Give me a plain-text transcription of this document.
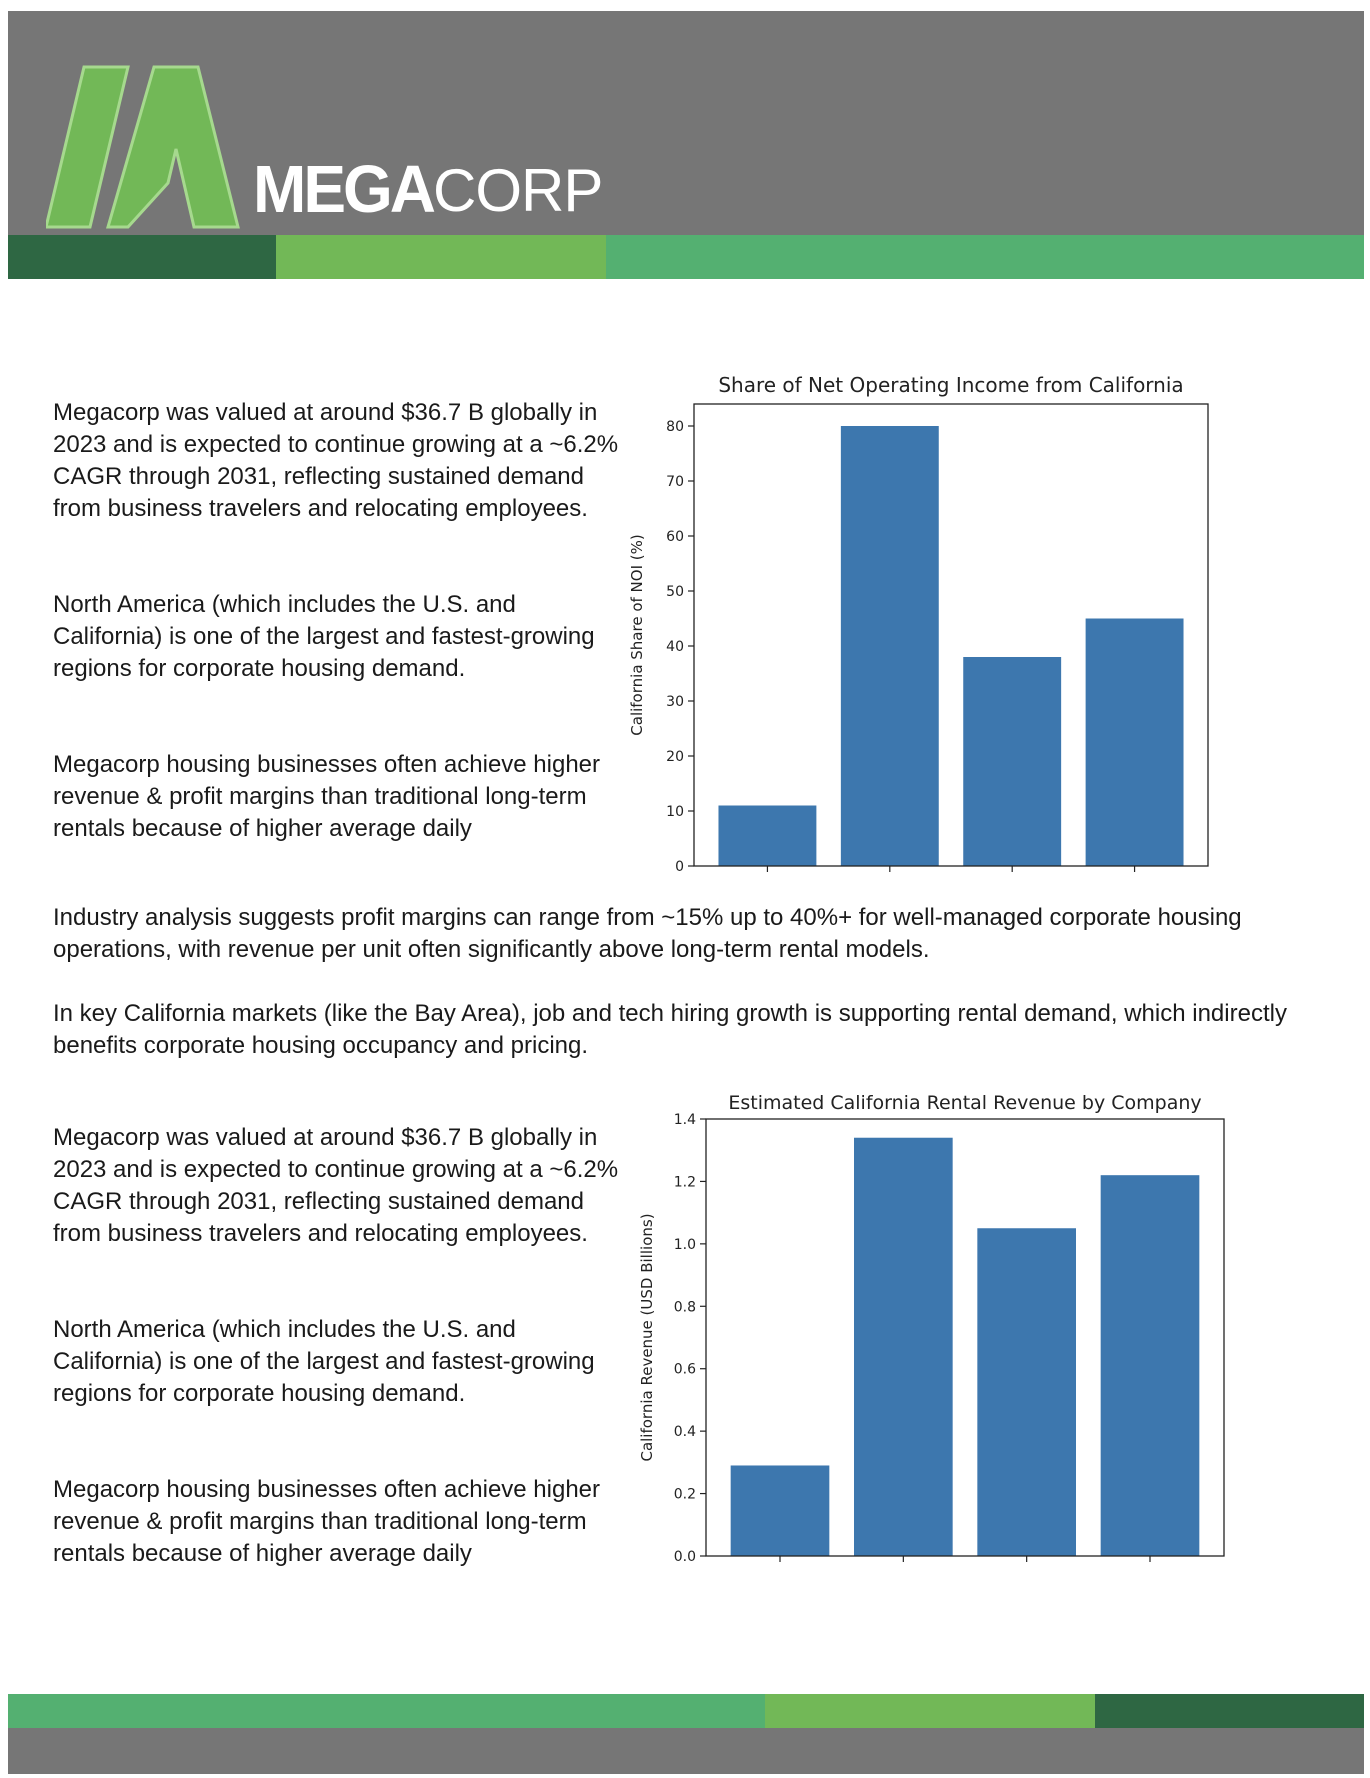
MEGACORP

Megacorp was valued at around $36.7 B globally in 2023 and is expected to continue growing at a ~6.2% CAGR through 2031, reflecting sustained demand from business travelers and relocating employees.

North America (which includes the U.S. and California) is one of the largest and fastest-growing regions for corporate housing demand.

Megacorp housing businesses often achieve higher revenue & profit margins than traditional long-term rentals because of higher average daily

Share of Net Operating Income from California
California Share of NOI (%)
0
10
20
30
40
50
60
70
80

Industry analysis suggests profit margins can range from ~15% up to 40%+ for well-managed corporate housing operations, with revenue per unit often significantly above long-term rental models.

In key California markets (like the Bay Area), job and tech hiring growth is supporting rental demand, which indirectly benefits corporate housing occupancy and pricing.

Megacorp was valued at around $36.7 B globally in 2023 and is expected to continue growing at a ~6.2% CAGR through 2031, reflecting sustained demand from business travelers and relocating employees.

North America (which includes the U.S. and California) is one of the largest and fastest-growing regions for corporate housing demand.

Megacorp housing businesses often achieve higher revenue & profit margins than traditional long-term rentals because of higher average daily

Estimated California Rental Revenue by Company
California Revenue (USD Billions)
0.0
0.2
0.4
0.6
0.8
1.0
1.2
1.4
